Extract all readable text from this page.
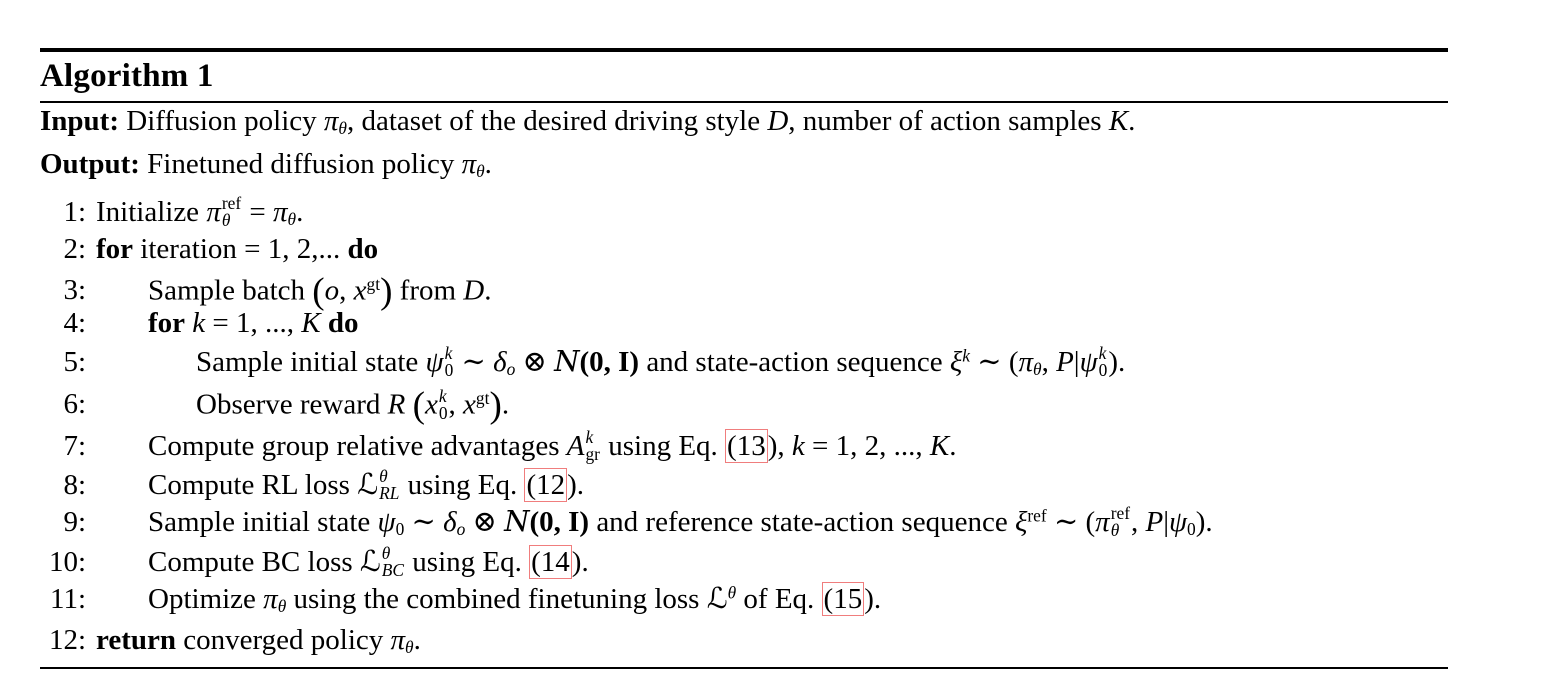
Algorithm 1
Input: Diffusion policy $\pi_\theta$, dataset of the desired driving style D, number of action samples K.
Output: Finetuned diffusion policy $\pi_\theta$.
1: Initialize π ref
$\theta = \pi_\theta$.
2: for iteration = 1, 2,... do
3: Sample batch (o, $x^{gt}$) from D.
4: for k = 1, ..., K do
5:	Sample initial state ψ k
0 ∼ $\delta_o$ ⊗ N(0, I) and state-action sequence $\xi^k$ ∼ ($\pi_\theta$, P|ψ k
0 ).
6:	Observe reward R (x k
0 , $x^{gt}$).
7: Compute group relative advantages A k
gr using Eq. (13), k = 1, 2, ..., K.
8: Compute RL loss ℒ θ
RL using Eq. (12).
9: Sample initial state $\psi_0$ ∼ $\delta_o$ ⊗ N(0, I) and reference state-action sequence $\xi^{ref}$ ∼ (π ref
θ , $P|\psi_0$).
10: Compute BC loss ℒ θ
BC using Eq. (14).
11: Optimize $\pi_\theta$ using the combined finetuning loss ℒ$^\theta$ of Eq. (15).
12: return converged policy $\pi_\theta$.
